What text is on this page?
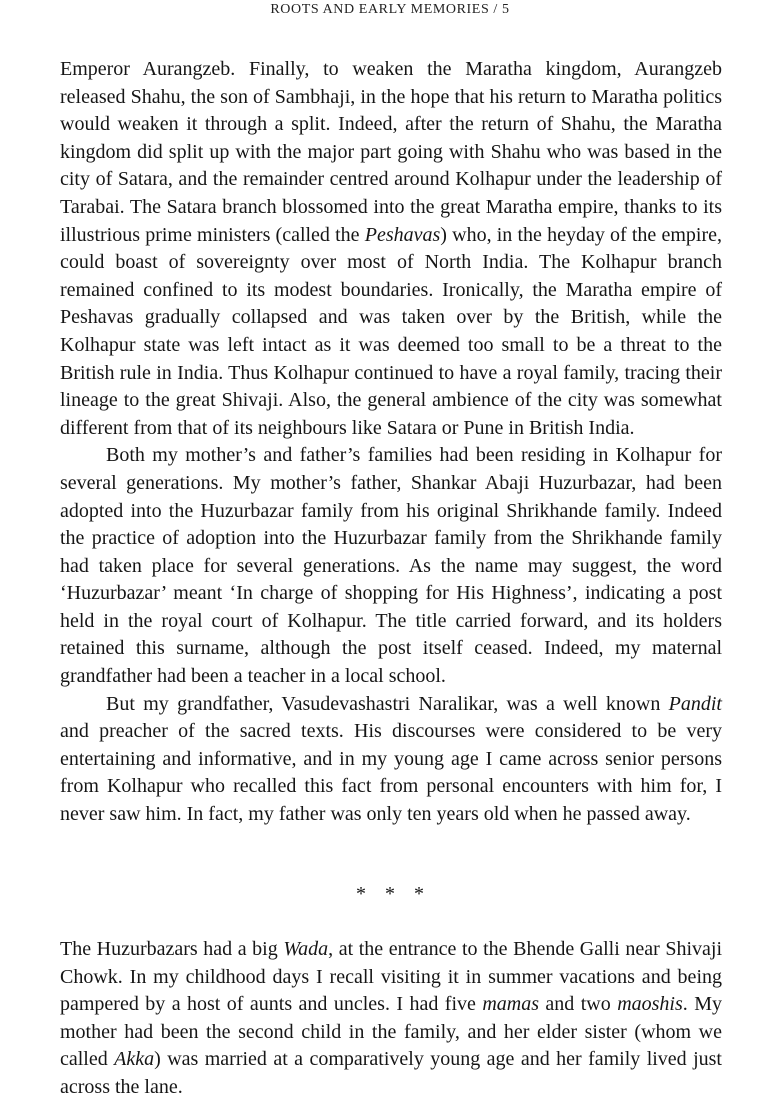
ROOTS AND EARLY MEMORIES / 5

Emperor Aurangzeb. Finally, to weaken the Maratha kingdom, Aurangzeb released Shahu, the son of Sambhaji, in the hope that his return to Maratha politics would weaken it through a split. Indeed, after the return of Shahu, the Maratha kingdom did split up with the major part going with Shahu who was based in the city of Satara, and the remainder centred around Kolhapur under the leadership of Tarabai. The Satara branch blossomed into the great Maratha empire, thanks to its illustrious prime ministers (called the Peshavas) who, in the heyday of the empire, could boast of sovereignty over most of North India. The Kolhapur branch remained confined to its modest boundaries. Ironically, the Maratha empire of Peshavas gradually collapsed and was taken over by the British, while the Kolhapur state was left intact as it was deemed too small to be a threat to the British rule in India. Thus Kolhapur continued to have a royal family, tracing their lineage to the great Shivaji. Also, the general ambience of the city was somewhat different from that of its neighbours like Satara or Pune in British India.

Both my mother’s and father’s families had been residing in Kolhapur for several generations. My mother’s father, Shankar Abaji Huzurbazar, had been adopted into the Huzurbazar family from his original Shrikhande family. Indeed the practice of adoption into the Huzurbazar family from the Shrikhande family had taken place for several generations. As the name may suggest, the word ‘Huzurbazar’ meant ‘In charge of shopping for His Highness’, indicating a post held in the royal court of Kolhapur. The title carried forward, and its holders retained this surname, although the post itself ceased. Indeed, my maternal grandfather had been a teacher in a local school.

But my grandfather, Vasudevashastri Naralikar, was a well known Pandit and preacher of the sacred texts. His discourses were considered to be very entertaining and informative, and in my young age I came across senior persons from Kolhapur who recalled this fact from personal encounters with him for, I never saw him. In fact, my father was only ten years old when he passed away.

* * *

The Huzurbazars had a big Wada, at the entrance to the Bhende Galli near Shivaji Chowk. In my childhood days I recall visiting it in summer vacations and being pampered by a host of aunts and uncles. I had five mamas and two maoshis. My mother had been the second child in the family, and her elder sister (whom we called Akka) was married at a comparatively young age and her family lived just across the lane.
